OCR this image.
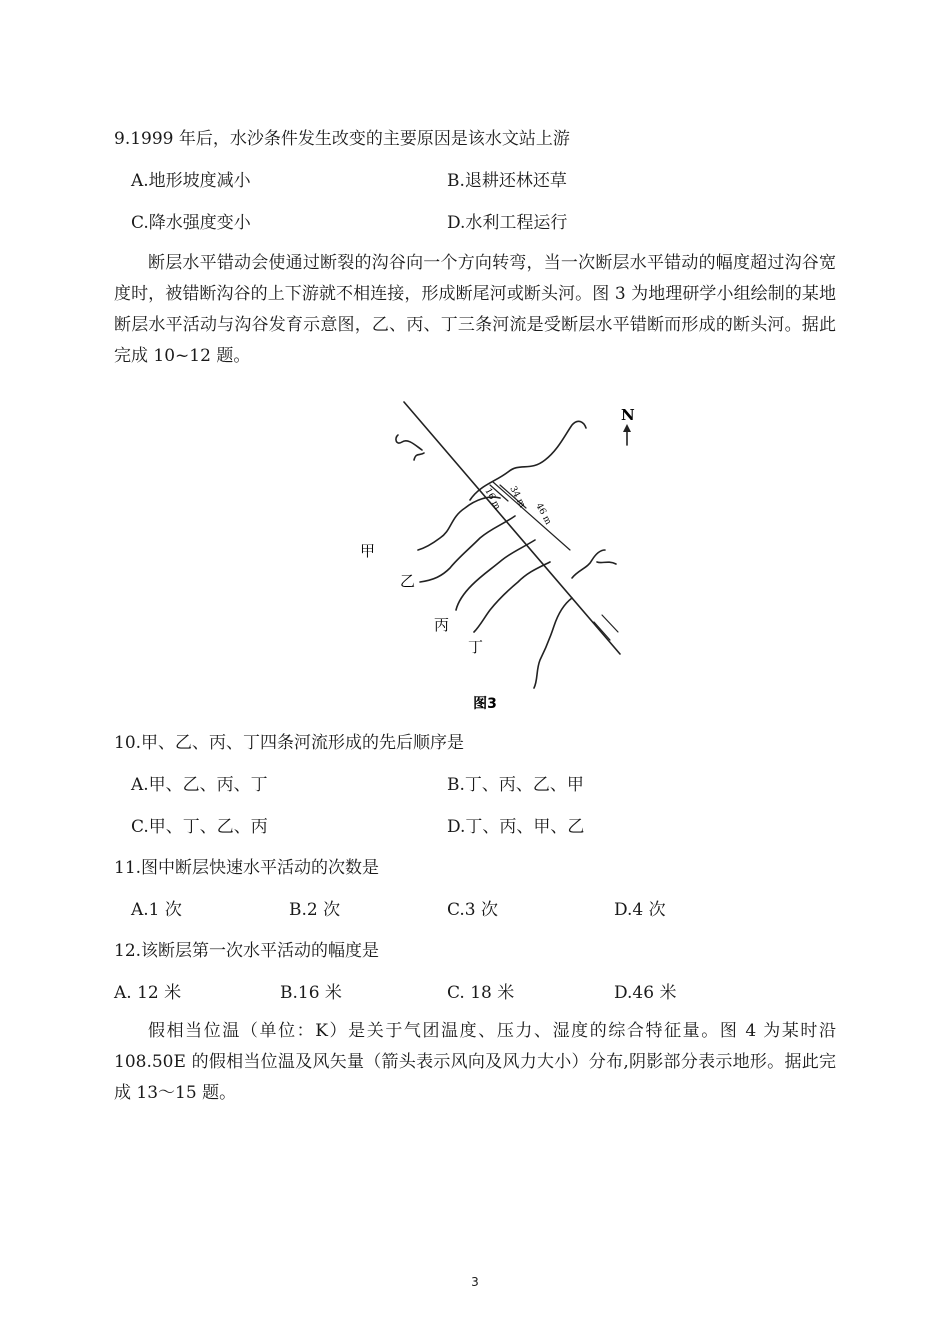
9.1999 年后，水沙条件发生改变的主要原因是该水文站上游
A.地形坡度减小	B.退耕还林还草
C.降水强度变小	D.水利工程运行
断层水平错动会使通过断裂的沟谷向一个方向转弯，当一次断层水平错动的幅度超过沟谷宽度时，被错断沟谷的上下游就不相连接，形成断尾河或断头河。图 3 为地理研学小组绘制的某地断层水平活动与沟谷发育示意图，乙、丙、丁三条河流是受断层水平错断而形成的断头河。据此完成 10~12 题。
N
甲
乙
丙
丁
16 m 34 m
46 m
图3
10.甲、乙、丙、丁四条河流形成的先后顺序是
A.甲、乙、丙、丁	B.丁、丙、乙、甲
C.甲、丁、乙、丙	D.丁、丙、甲、乙
11.图中断层快速水平活动的次数是
A.1 次	B.2 次	C.3 次	D.4 次
12.该断层第一次水平活动的幅度是
A. 12 米	B.16 米	C. 18 米	D.46 米
假相当位温（单位：K）是关于气团温度、压力、湿度的综合特征量。图 4 为某时沿 108.50E 的假相当位温及风矢量（箭头表示风向及风力大小）分布,阴影部分表示地形。据此完成 13～15 题。
3
